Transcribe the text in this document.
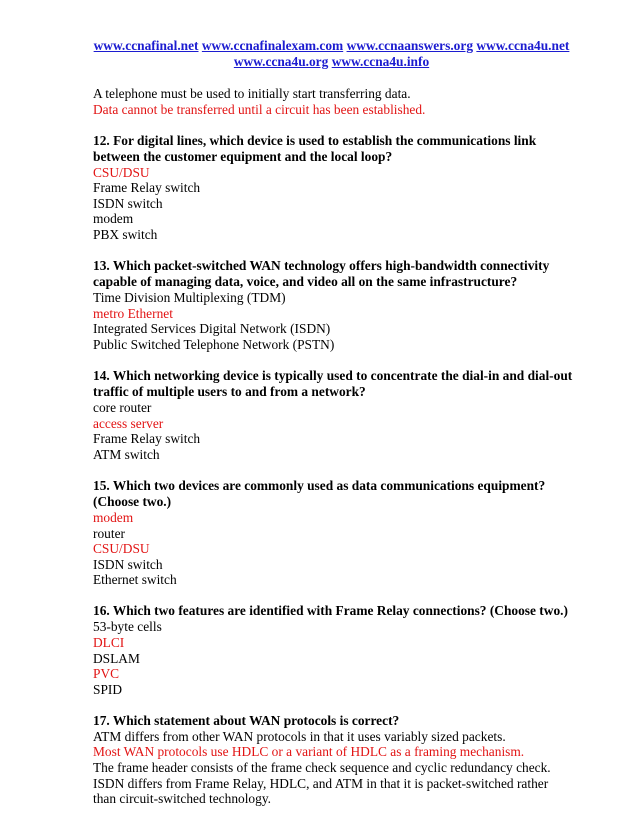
www.ccnafinal.net www.ccnafinalexam.com www.ccnaanswers.org www.ccna4u.net
www.ccna4u.org www.ccna4u.info
A telephone must be used to initially start transferring data.
Data cannot be transferred until a circuit has been established.
12. For digital lines, which device is used to establish the communications link
between the customer equipment and the local loop?
CSU/DSU
Frame Relay switch
ISDN switch
modem
PBX switch
13. Which packet-switched WAN technology offers high-bandwidth connectivity
capable of managing data, voice, and video all on the same infrastructure?
Time Division Multiplexing (TDM)
metro Ethernet
Integrated Services Digital Network (ISDN)
Public Switched Telephone Network (PSTN)
14. Which networking device is typically used to concentrate the dial-in and dial-out
traffic of multiple users to and from a network?
core router
access server
Frame Relay switch
ATM switch
15. Which two devices are commonly used as data communications equipment?
(Choose two.)
modem
router
CSU/DSU
ISDN switch
Ethernet switch
16. Which two features are identified with Frame Relay connections? (Choose two.)
53-byte cells
DLCI
DSLAM
PVC
SPID
17. Which statement about WAN protocols is correct?
ATM differs from other WAN protocols in that it uses variably sized packets.
Most WAN protocols use HDLC or a variant of HDLC as a framing mechanism.
The frame header consists of the frame check sequence and cyclic redundancy check.
ISDN differs from Frame Relay, HDLC, and ATM in that it is packet-switched rather
than circuit-switched technology.
